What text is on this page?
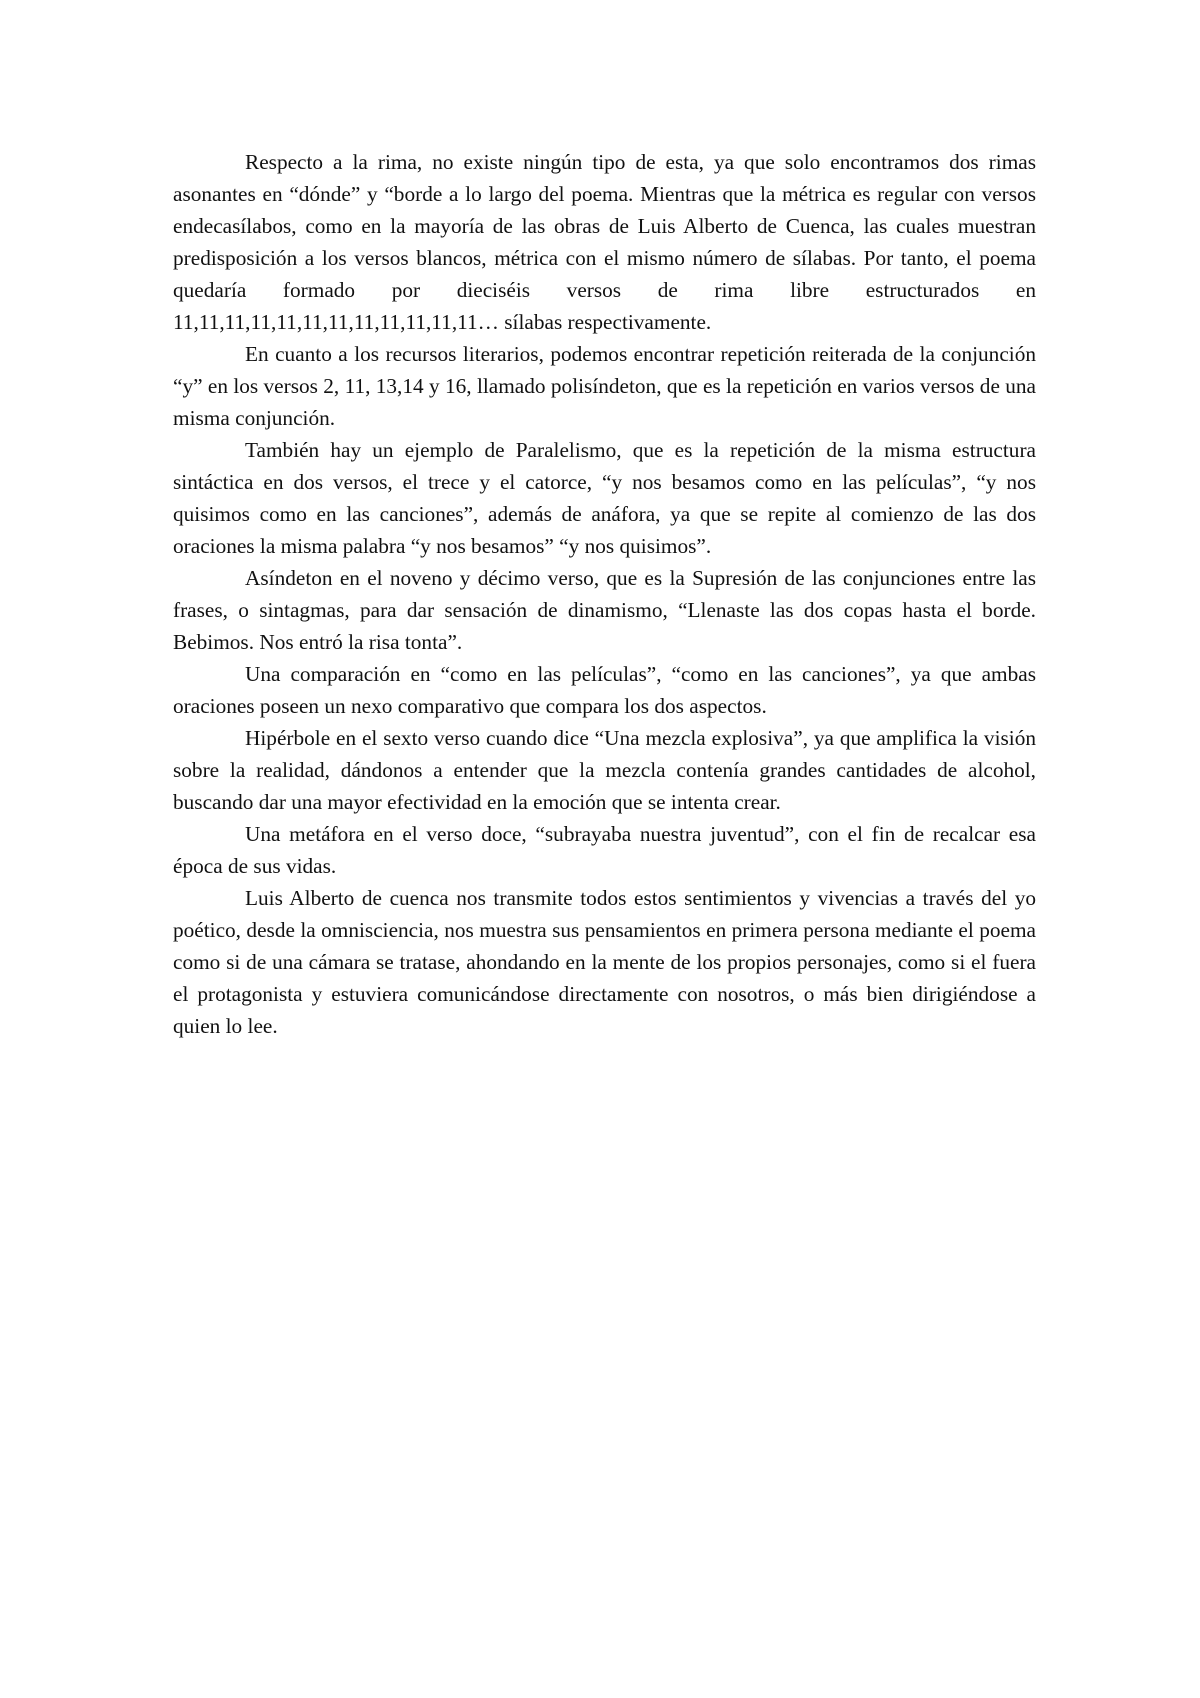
Respecto a la rima, no existe ningún tipo de esta, ya que solo encontramos dos rimas asonantes en “dónde” y “borde a lo largo del poema. Mientras que la métrica es regular con versos endecasílabos, como en la mayoría de las obras de Luis Alberto de Cuenca, las cuales muestran predisposición a los versos blancos, métrica con el mismo número de sílabas. Por tanto, el poema quedaría formado por dieciséis versos de rima libre estructurados en 11,11,11,11,11,11,11,11,11,11,11,11… sílabas respectivamente.

En cuanto a los recursos literarios, podemos encontrar repetición reiterada de la conjunción “y” en los versos 2, 11, 13,14 y 16, llamado polisíndeton, que es la repetición en varios versos de una misma conjunción.

También hay un ejemplo de Paralelismo, que es la repetición de la misma estructura sintáctica en dos versos, el trece y el catorce, “y nos besamos como en las películas”, “y nos quisimos como en las canciones”, además de anáfora, ya que se repite al comienzo de las dos oraciones la misma palabra “y nos besamos” “y nos quisimos”.

Asíndeton en el noveno y décimo verso, que es la Supresión de las conjunciones entre las frases, o sintagmas, para dar sensación de dinamismo, “Llenaste las dos copas hasta el borde. Bebimos. Nos entró la risa tonta”.

Una comparación en “como en las películas”, “como en las canciones”, ya que ambas oraciones poseen un nexo comparativo que compara los dos aspectos.

Hipérbole en el sexto verso cuando dice “Una mezcla explosiva”, ya que amplifica la visión sobre la realidad, dándonos a entender que la mezcla contenía grandes cantidades de alcohol, buscando dar una mayor efectividad en la emoción que se intenta crear.

Una metáfora en el verso doce, “subrayaba nuestra juventud”, con el fin de recalcar esa época de sus vidas.

Luis Alberto de cuenca nos transmite todos estos sentimientos y vivencias a través del yo poético, desde la omnisciencia, nos muestra sus pensamientos en primera persona mediante el poema como si de una cámara se tratase, ahondando en la mente de los propios personajes, como si el fuera el protagonista y estuviera comunicándose directamente con nosotros, o más bien dirigiéndose a quien lo lee.
